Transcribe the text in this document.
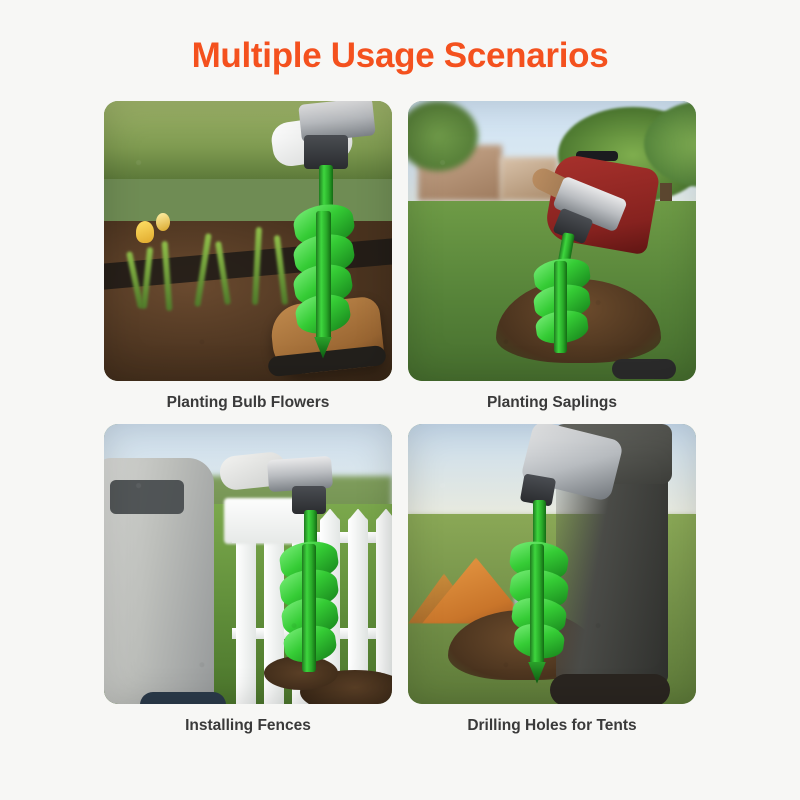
Multiple Usage Scenarios
Planting Bulb Flowers	Planting Saplings
Installing Fences	Drilling Holes for Tents
